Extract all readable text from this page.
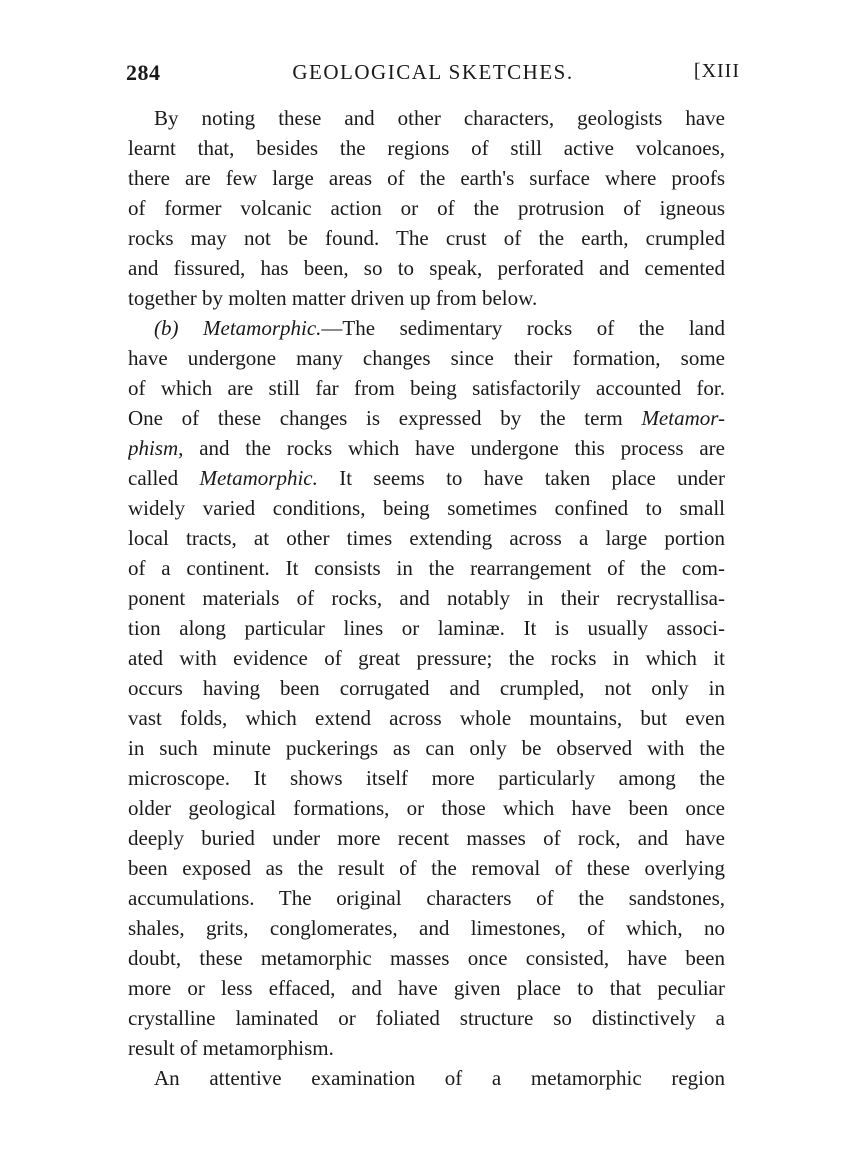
284	GEOLOGICAL SKETCHES.	[XIII
By noting these and other characters, geologists have
learnt that, besides the regions of still active volcanoes,
there are few large areas of the earth's surface where proofs
of former volcanic action or of the protrusion of igneous
rocks may not be found. The crust of the earth, crumpled
and fissured, has been, so to speak, perforated and cemented
together by molten matter driven up from below.
(b) Metamorphic.—The sedimentary rocks of the land
have undergone many changes since their formation, some
of which are still far from being satisfactorily accounted for.
One of these changes is expressed by the term Metamor-
phism, and the rocks which have undergone this process are
called Metamorphic. It seems to have taken place under
widely varied conditions, being sometimes confined to small
local tracts, at other times extending across a large portion
of a continent. It consists in the rearrangement of the com-
ponent materials of rocks, and notably in their recrystallisa-
tion along particular lines or laminæ. It is usually associ-
ated with evidence of great pressure; the rocks in which it
occurs having been corrugated and crumpled, not only in
vast folds, which extend across whole mountains, but even
in such minute puckerings as can only be observed with the
microscope. It shows itself more particularly among the
older geological formations, or those which have been once
deeply buried under more recent masses of rock, and have
been exposed as the result of the removal of these overlying
accumulations. The original characters of the sandstones,
shales, grits, conglomerates, and limestones, of which, no
doubt, these metamorphic masses once consisted, have been
more or less effaced, and have given place to that peculiar
crystalline laminated or foliated structure so distinctively a
result of metamorphism.
An attentive examination of a metamorphic region
